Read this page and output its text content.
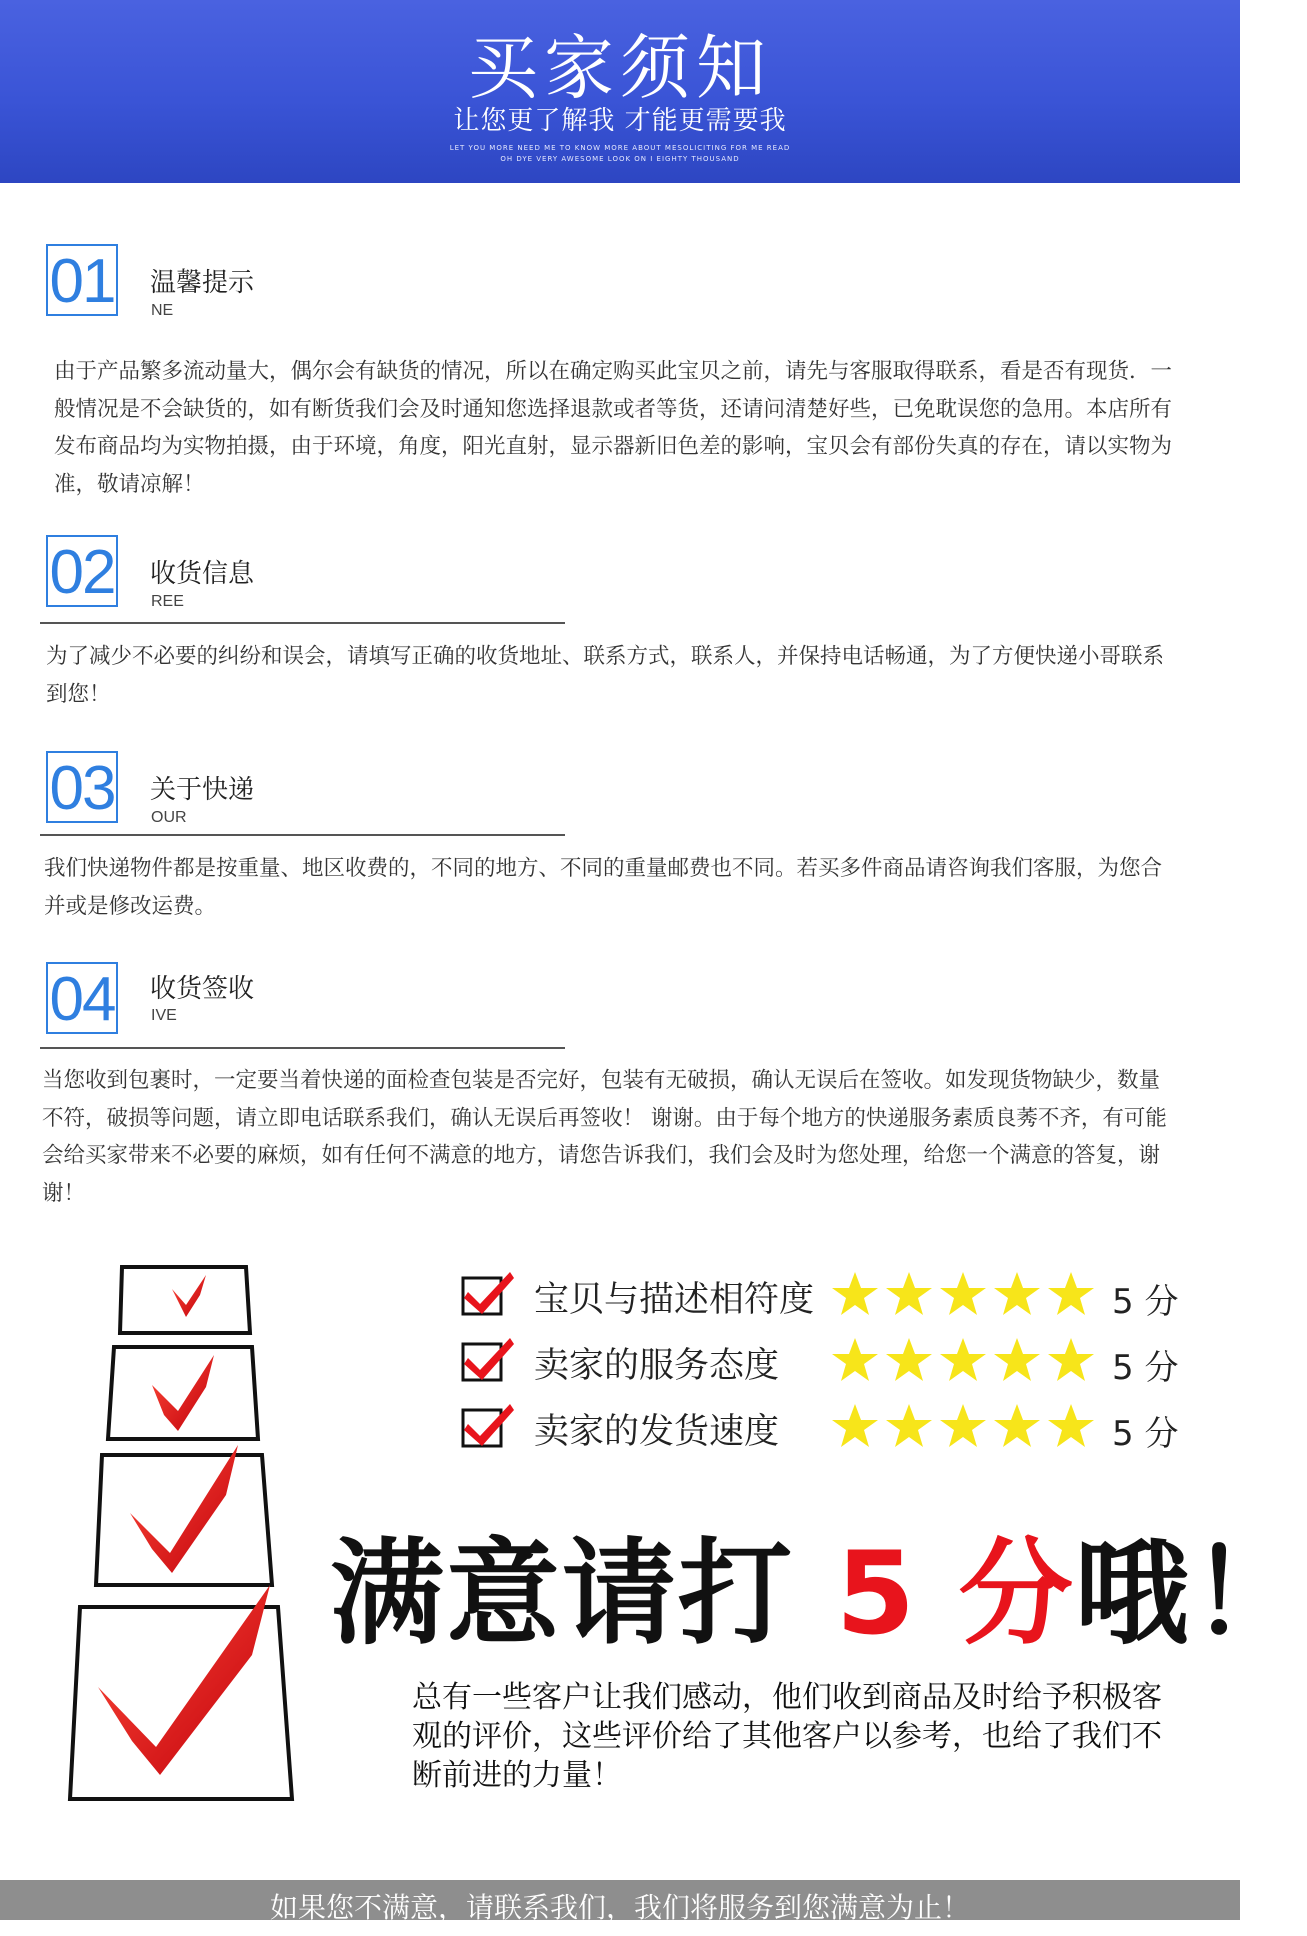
买家须知
让您更了解我 才能更需要我
LET YOU MORE NEED ME TO KNOW MORE ABOUT MESOLICITING FOR ME READ
OH DYE VERY AWESOME LOOK ON I EIGHTY THOUSAND
01 温馨提示
NE

由于产品繁多流动量大，偶尔会有缺货的情况，所以在确定购买此宝贝之前，请先与客服取得联系，看是否有现货．一般情况是不会缺货的，如有断货我们会及时通知您选择退款或者等货，还请问清楚好些，已免耽误您的急用。本店所有发布商品均为实物拍摄，由于环境，角度，阳光直射，显示器新旧色差的影响，宝贝会有部份失真的存在，请以实物为准，敬请凉解！

02 收货信息
REE

为了减少不必要的纠纷和误会，请填写正确的收货地址、联系方式，联系人，并保持电话畅通，为了方便快递小哥联系到您！

03 关于快递
OUR

我们快递物件都是按重量、地区收费的，不同的地方、不同的重量邮费也不同。若买多件商品请咨询我们客服，为您合并或是修改运费。

04 收货签收
IVE

当您收到包裹时，一定要当着快递的面检查包装是否完好，包装有无破损，确认无误后在签收。如发现货物缺少，数量不符，破损等问题，请立即电话联系我们，确认无误后再签收！ 谢谢。由于每个地方的快递服务素质良莠不齐，有可能会给买家带来不必要的麻烦，如有任何不满意的地方，请您告诉我们，我们会及时为您处理，给您一个满意的答复，谢谢！

宝贝与描述相符度	5 分
卖家的服务态度	5 分
卖家的发货速度	5 分
满意请打 5 分哦！

总有一些客户让我们感动，他们收到商品及时给予积极客观的评价，这些评价给了其他客户以参考，也给了我们不断前进的力量！

如果您不满意，请联系我们，我们将服务到您满意为止！
